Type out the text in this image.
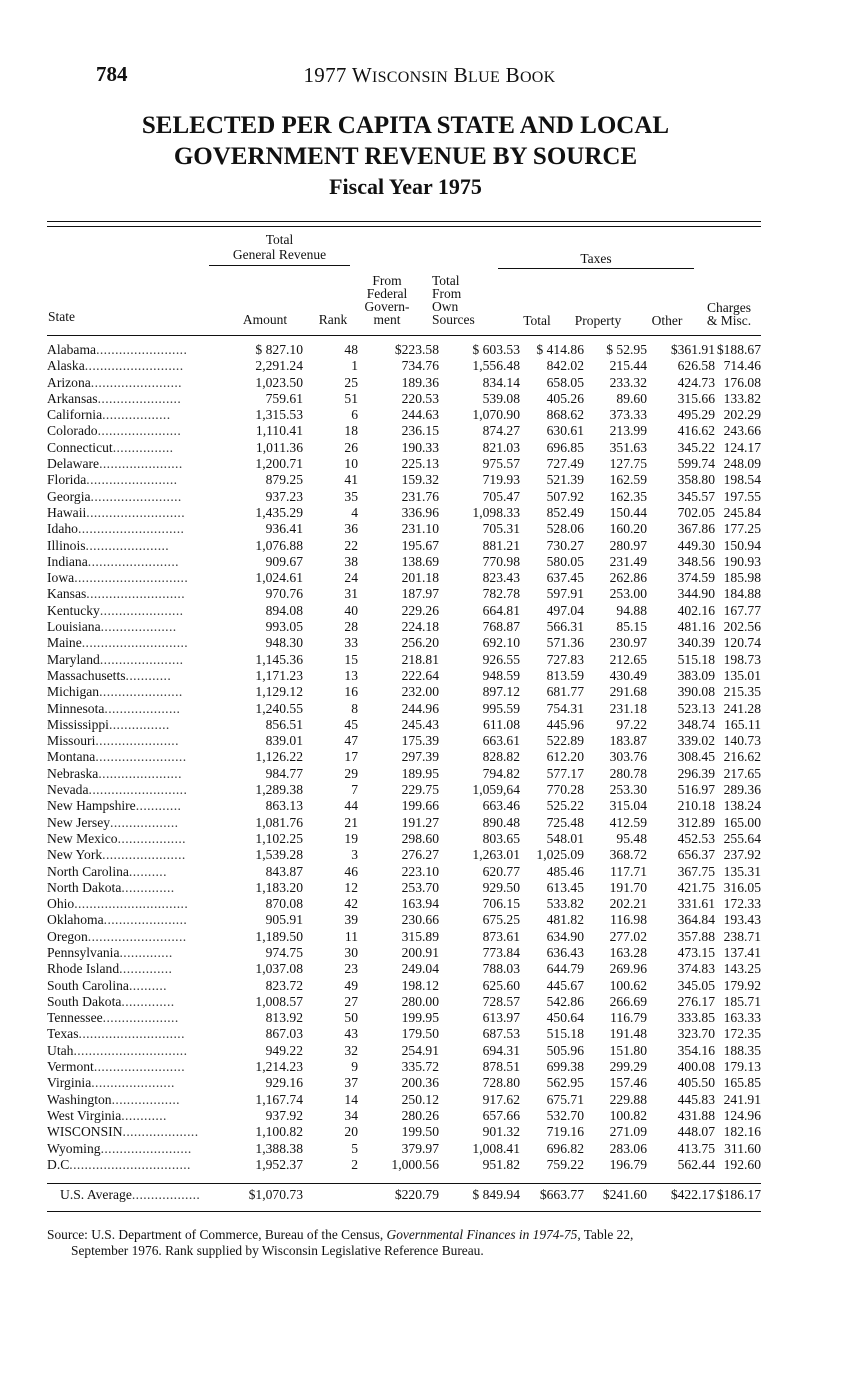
784	1977 WISCONSIN BLUE BOOK
SELECTED PER CAPITA STATE AND LOCAL
GOVERNMENT REVENUE BY SOURCE
Fiscal Year 1975
Total
General Revenue	Taxes
State	Amount	Rank
From
Federal
Govern-
ment
Total
From
Own
Sources	Total	Property	Other
Charges
& Misc.
Alabama........................	$ 827.10	48	$223.58	$ 603.53	$ 414.86	$ 52.95	$361.91	$188.67
Alaska..........................	2,291.24	1	734.76	1,556.48	842.02	215.44	626.58	714.46
Arizona........................	1,023.50	25	189.36	834.14	658.05	233.32	424.73	176.08
Arkansas......................	759.61	51	220.53	539.08	405.26	89.60	315.66	133.82
California..................	1,315.53	6	244.63	1,070.90	868.62	373.33	495.29	202.29
Colorado......................	1,110.41	18	236.15	874.27	630.61	213.99	416.62	243.66
Connecticut................	1,011.36	26	190.33	821.03	696.85	351.63	345.22	124.17
Delaware......................	1,200.71	10	225.13	975.57	727.49	127.75	599.74	248.09
Florida........................	879.25	41	159.32	719.93	521.39	162.59	358.80	198.54
Georgia........................	937.23	35	231.76	705.47	507.92	162.35	345.57	197.55
Hawaii..........................	1,435.29	4	336.96	1,098.33	852.49	150.44	702.05	245.84
Idaho............................	936.41	36	231.10	705.31	528.06	160.20	367.86	177.25
Illinois......................	1,076.88	22	195.67	881.21	730.27	280.97	449.30	150.94
Indiana........................	909.67	38	138.69	770.98	580.05	231.49	348.56	190.93
Iowa..............................	1,024.61	24	201.18	823.43	637.45	262.86	374.59	185.98
Kansas..........................	970.76	31	187.97	782.78	597.91	253.00	344.90	184.88
Kentucky......................	894.08	40	229.26	664.81	497.04	94.88	402.16	167.77
Louisiana....................	993.05	28	224.18	768.87	566.31	85.15	481.16	202.56
Maine............................	948.30	33	256.20	692.10	571.36	230.97	340.39	120.74
Maryland......................	1,145.36	15	218.81	926.55	727.83	212.65	515.18	198.73
Massachusetts............	1,171.23	13	222.64	948.59	813.59	430.49	383.09	135.01
Michigan......................	1,129.12	16	232.00	897.12	681.77	291.68	390.08	215.35
Minnesota....................	1,240.55	8	244.96	995.59	754.31	231.18	523.13	241.28
Mississippi................	856.51	45	245.43	611.08	445.96	97.22	348.74	165.11
Missouri......................	839.01	47	175.39	663.61	522.89	183.87	339.02	140.73
Montana........................	1,126.22	17	297.39	828.82	612.20	303.76	308.45	216.62
Nebraska......................	984.77	29	189.95	794.82	577.17	280.78	296.39	217.65
Nevada..........................	1,289.38	7	229.75	1,059,64	770.28	253.30	516.97	289.36
New Hampshire............	863.13	44	199.66	663.46	525.22	315.04	210.18	138.24
New Jersey..................	1,081.76	21	191.27	890.48	725.48	412.59	312.89	165.00
New Mexico..................	1,102.25	19	298.60	803.65	548.01	95.48	452.53	255.64
New York......................	1,539.28	3	276.27	1,263.01	1,025.09	368.72	656.37	237.92
North Carolina..........	843.87	46	223.10	620.77	485.46	117.71	367.75	135.31
North Dakota..............	1,183.20	12	253.70	929.50	613.45	191.70	421.75	316.05
Ohio..............................	870.08	42	163.94	706.15	533.82	202.21	331.61	172.33
Oklahoma......................	905.91	39	230.66	675.25	481.82	116.98	364.84	193.43
Oregon..........................	1,189.50	11	315.89	873.61	634.90	277.02	357.88	238.71
Pennsylvania..............	974.75	30	200.91	773.84	636.43	163.28	473.15	137.41
Rhode Island..............	1,037.08	23	249.04	788.03	644.79	269.96	374.83	143.25
South Carolina..........	823.72	49	198.12	625.60	445.67	100.62	345.05	179.92
South Dakota..............	1,008.57	27	280.00	728.57	542.86	266.69	276.17	185.71
Tennessee....................	813.92	50	199.95	613.97	450.64	116.79	333.85	163.33
Texas............................	867.03	43	179.50	687.53	515.18	191.48	323.70	172.35
Utah..............................	949.22	32	254.91	694.31	505.96	151.80	354.16	188.35
Vermont........................	1,214.23	9	335.72	878.51	699.38	299.29	400.08	179.13
Virginia......................	929.16	37	200.36	728.80	562.95	157.46	405.50	165.85
Washington..................	1,167.74	14	250.12	917.62	675.71	229.88	445.83	241.91
West Virginia............	937.92	34	280.26	657.66	532.70	100.82	431.88	124.96
WISCONSIN....................	1,100.82	20	199.50	901.32	719.16	271.09	448.07	182.16
Wyoming........................	1,388.38	5	379.97	1,008.41	696.82	283.06	413.75	311.60
D.C................................	1,952.37	2	1,000.56	951.82	759.22	196.79	562.44	192.60
U.S. Average..................	$1,070.73		$220.79	$ 849.94	$663.77	$241.60	$422.17	$186.17
Source: U.S. Department of Commerce, Bureau of the Census, Governmental Finances in 1974-75, Table 22,
September 1976. Rank supplied by Wisconsin Legislative Reference Bureau.
